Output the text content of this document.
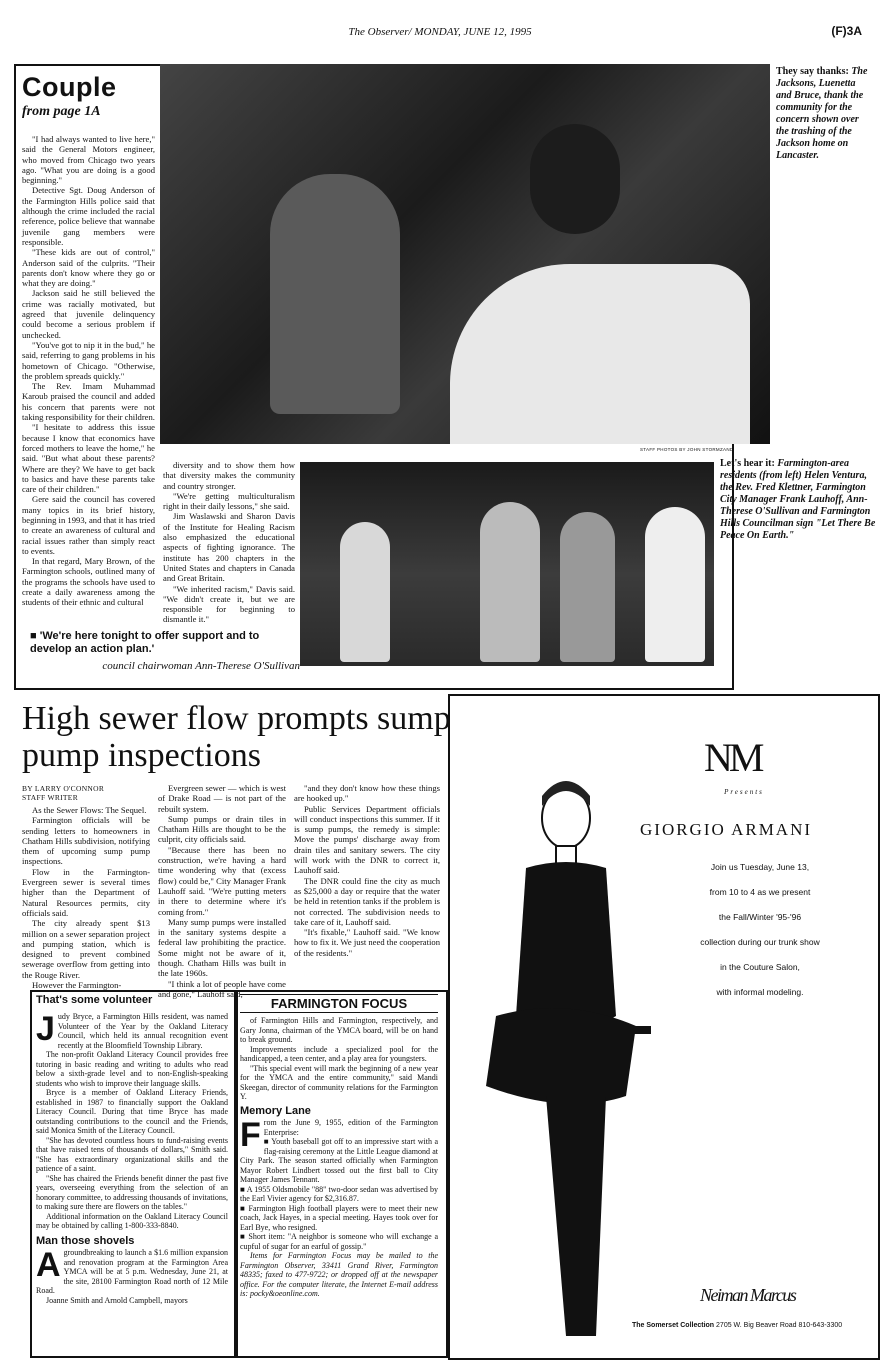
The Observer/ MONDAY, JUNE 12, 1995	(F)3A
Couple
from page 1A

"I had always wanted to live here," said the General Motors engineer, who moved from Chicago two years ago. "What you are doing is a good beginning."

Detective Sgt. Doug Anderson of the Farmington Hills police said that although the crime included the racial reference, police believe that wannabe juvenile gang members were responsible.

"These kids are out of control," Anderson said of the culprits. "Their parents don't know where they go or what they are doing."

Jackson said he still believed the crime was racially motivated, but agreed that juvenile delinquency could become a serious problem if unchecked.

"You've got to nip it in the bud," he said, referring to gang problems in his hometown of Chicago. "Otherwise, the problem spreads quickly."

The Rev. Imam Muhammad Karoub praised the council and added his concern that parents were not taking responsibility for their children.

"I hesitate to address this issue because I know that economics have forced mothers to leave the home," he said. "But what about these parents? Where are they? We have to get back to basics and have these parents take care of their children."

Gere said the council has covered many topics in its brief history, beginning in 1993, and that it has tried to create an awareness of cultural and racial issues rather than simply react to events.

In that regard, Mary Brown, of the Farmington schools, outlined many of the programs the schools have used to create a daily awareness among the students of their ethnic and cultural

They say thanks: The Jacksons, Luenetta and Bruce, thank the community for the concern shown over the trashing of the Jackson home on Lancaster.
STAFF PHOTOS BY JOHN STORMZAND

diversity and to show them how that diversity makes the community and country stronger.

"We're getting multiculturalism right in their daily lessons," she said.

Jim Waslawski and Sharon Davis of the Institute for Healing Racism also emphasized the educational aspects of fighting ignorance. The institute has 200 chapters in the United States and chapters in Canada and Great Britain.

"We inherited racism," Davis said. "We didn't create it, but we are responsible for beginning to dismantle it."

Let's hear it: Farmington-area residents (from left) Helen Ventura, the Rev. Fred Klettner, Farmington City Manager Frank Lauhoff, Ann-Therese O'Sullivan and Farmington Hills Councilman sign "Let There Be Peace On Earth."
■ 'We're here tonight to offer support and to develop an action plan.'
council chairwoman Ann-Therese O'Sullivan
High sewer flow prompts sump pump inspections
BY LARRY O'CONNOR
STAFF WRITER

As the Sewer Flows: The Sequel.

Farmington officials will be sending letters to homeowners in Chatham Hills subdivision, notifying them of upcoming sump pump inspections.

Flow in the Farmington-Evergreen sewer is several times higher than the Department of Natural Resources permits, city officials said.

The city already spent $13 million on a sewer separation project and pumping station, which is designed to prevent combined sewerage overflow from getting into the Rouge River.

However the Farmington-

Evergreen sewer — which is west of Drake Road — is not part of the rebuilt system.

Sump pumps or drain tiles in Chatham Hills are thought to be the culprit, city officials said.

"Because there has been no construction, we're having a hard time wondering why that (excess flow) could be," City Manager Frank Lauhoff said. "We're putting meters in there to determine where it's coming from."

Many sump pumps were installed in the sanitary systems despite a federal law prohibiting the practice. Some might not be aware of it, though. Chatham Hills was built in the late 1960s.

"I think a lot of people have come and gone," Lauhoff said,

"and they don't know how these things are hooked up."

Public Services Department officials will conduct inspections this summer. If it is sump pumps, the remedy is simple: Move the pumps' discharge away from drain tiles and sanitary sewers. The city will work with the DNR to correct it, Lauhoff said.

The DNR could fine the city as much as $25,000 a day or require that the water be held in retention tanks if the problem is not corrected. The subdivision needs to take care of it, Lauhoff said.

"It's fixable," Lauhoff said. "We know how to fix it. We just need the cooperation of the residents."

NM
Presents
GIORGIO ARMANI
Join us Tuesday, June 13,
from 10 to 4 as we present
the Fall/Winter '95-'96
collection during our trunk show
in the Couture Salon,
with informal modeling.
Neiman Marcus
The Somerset Collection 2705 W. Big Beaver Road 810-643-3300
That's some volunteer

Judy Bryce, a Farmington Hills resident, was named Volunteer of the Year by the Oakland Literacy Council, which held its annual recognition event recently at the Bloomfield Township Library.

The non-profit Oakland Literacy Council provides free tutoring in basic reading and writing to adults who read below a sixth-grade level and to non-English-speaking students who wish to improve their language skills.

Bryce is a member of Oakland Literacy Friends, established in 1987 to financially support the Oakland Literacy Council. During that time Bryce has made outstanding contributions to the council and the Friends, said Monica Smith of the Literacy Council.

"She has devoted countless hours to fund-raising events that have raised tens of thousands of dollars," Smith said. "She has extraordinary organizational skills and the patience of a saint.

"She has chaired the Friends benefit dinner the past five years, overseeing everything from the selection of an honorary committee, to addressing thousands of invitations, to making sure there are flowers on the tables."

Additional information on the Oakland Literacy Council may be obtained by calling 1-800-333-8840.

Man those shovels

Agroundbreaking to launch a $1.6 million expansion and renovation program at the Farmington Area YMCA will be at 5 p.m. Wednesday, June 21, at the site, 28100 Farmington Road north of 12 Mile Road.

Joanne Smith and Arnold Campbell, mayors

FARMINGTON FOCUS

of Farmington Hills and Farmington, respectively, and Gary Jonna, chairman of the YMCA board, will be on hand to break ground.

Improvements include a specialized pool for the handicapped, a teen center, and a play area for youngsters.

"This special event will mark the beginning of a new year for the YMCA and the entire community," said Mandi Skeegan, director of community relations for the Farmington Y.

Memory Lane

From the June 9, 1955, edition of the Farmington Enterprise:

■ Youth baseball got off to an impressive start with a flag-raising ceremony at the Little League diamond at City Park. The season started officially when Farmington Mayor Robert Lindbert tossed out the first ball to City Manager James Tennant.

■ A 1955 Oldsmobile "88" two-door sedan was advertised by the Earl Vivier agency for $2,316.87.

■ Farmington High football players were to meet their new coach, Jack Hayes, in a special meeting. Hayes took over for Earl Bye, who resigned.

■ Short item: "A neighbor is someone who will exchange a cupful of sugar for an earful of gossip."

Items for Farmington Focus may be mailed to the Farmington Observer, 33411 Grand River, Farmington 48335; faxed to 477-9722; or dropped off at the newspaper office. For the computer literate, the Internet E-mail address is: pocky&oeonline.com.
